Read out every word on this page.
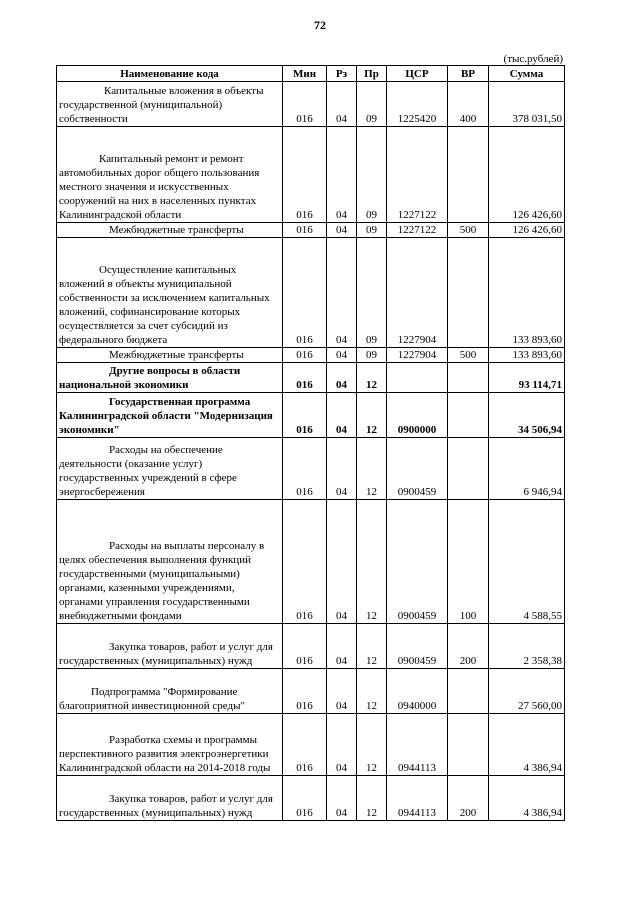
72
(тыс.рублей)
Наименование кода	Мин	Рз	Пр	ЦСР	ВР	Сумма
Капитальные вложения в объекты государственной (муниципальной) собственности	016	04	09	1225420	400	378 031,50
Капитальный ремонт и ремонт автомобильных дорог общего пользования местного значения и искусственных сооружений на них в населенных пунктах Калининградской области	016	04	09	1227122		126 426,60
Межбюджетные трансферты	016	04	09	1227122	500	126 426,60
Осуществление капитальных вложений в объекты муниципальной собственности за исключением капитальных вложений, софинансирование которых осуществляется за счет субсидий из федерального бюджета	016	04	09	1227904		133 893,60
Межбюджетные трансферты	016	04	09	1227904	500	133 893,60
Другие вопросы в области национальной экономики	016	04	12			93 114,71
Государственная программа Калининградской области "Модернизация экономики"	016	04	12	0900000		34 506,94
Расходы на обеспечение деятельности (оказание услуг) государственных учреждений в сфере энергосбережения	016	04	12	0900459		6 946,94
Расходы на выплаты персоналу в целях обеспечения выполнения функций государственными (муниципальными) органами, казенными учреждениями, органами управления государственными внебюджетными фондами	016	04	12	0900459	100	4 588,55
Закупка товаров, работ и услуг для государственных (муниципальных) нужд	016	04	12	0900459	200	2 358,38
Подпрограмма "Формирование благоприятной инвестиционной среды"	016	04	12	0940000		27 560,00
Разработка схемы и программы перспективного развития электроэнергетики Калининградской области на 2014-2018 годы	016	04	12	0944113		4 386,94
Закупка товаров, работ и услуг для государственных (муниципальных) нужд	016	04	12	0944113	200	4 386,94
